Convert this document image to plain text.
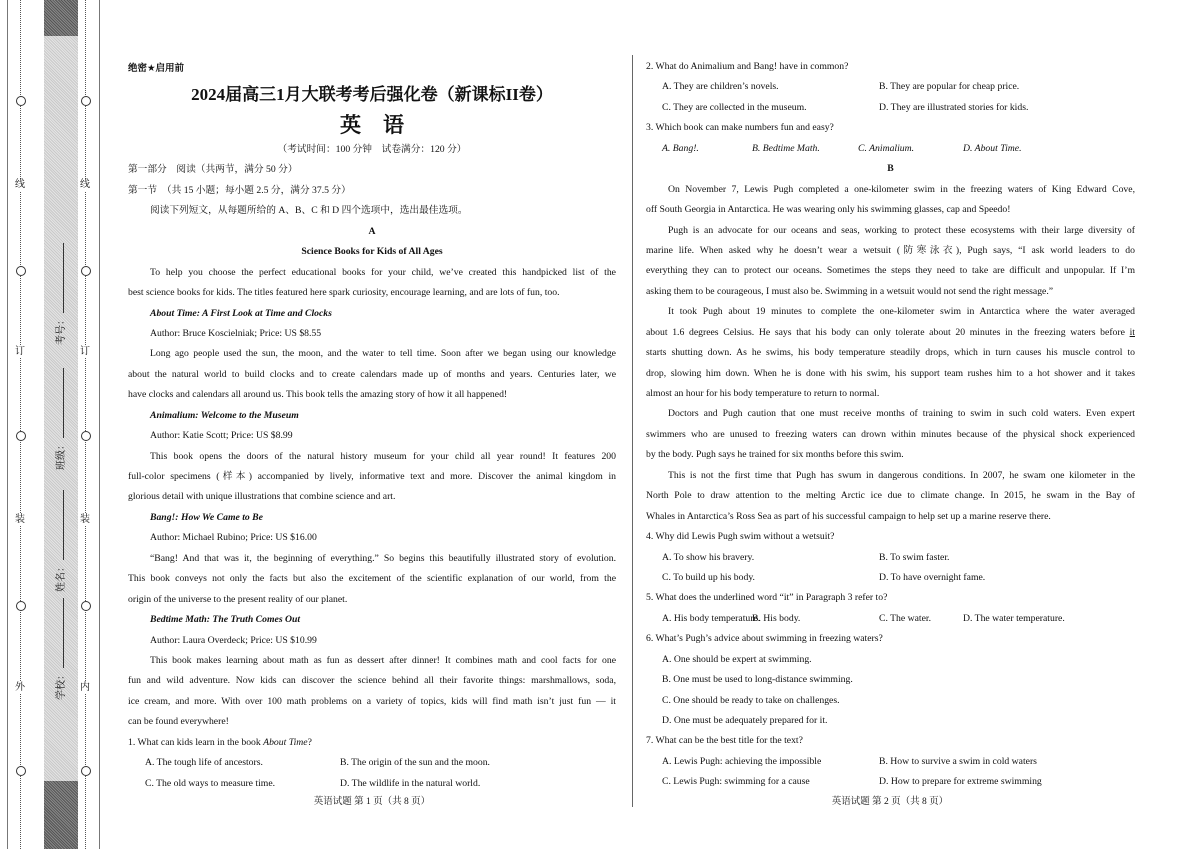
线	线
订	订
装	装
外	内
考号：
班级：
姓名：
学校：
绝密★启用前
2024届高三1月大联考考后强化卷（新课标II卷）
英语
（考试时间：100 分钟　试卷满分：120 分）
第一部分　阅读（共两节，满分 50 分）
第一节　（共 15 小题；每小题 2.5 分，满分 37.5 分）
阅读下列短文，从每题所给的 A、B、C 和 D 四个选项中，选出最佳选项。
A
Science Books for Kids of All Ages
To help you choose the perfect educational books for your child, we’ve created this handpicked list of the
best science books for kids. The titles featured here spark curiosity, encourage learning, and are lots of fun, too.
About Time: A First Look at Time and Clocks
Author: Bruce Koscielniak; Price: US $8.55
Long ago people used the sun, the moon, and the water to tell time. Soon after we began using our knowledge
about the natural world to build clocks and to create calendars made up of months and years. Centuries later, we
have clocks and calendars all around us. This book tells the amazing story of how it all happened!
Animalium: Welcome to the Museum
Author: Katie Scott; Price: US $8.99
This book opens the doors of the natural history museum for your child all year round! It features 200
full-color specimens (样本) accompanied by lively, informative text and more. Discover the animal kingdom in
glorious detail with unique illustrations that combine science and art.
Bang!: How We Came to Be
Author: Michael Rubino; Price: US $16.00
“Bang! And that was it, the beginning of everything.” So begins this beautifully illustrated story of evolution.
This book conveys not only the facts but also the excitement of the scientific explanation of our world, from the
origin of the universe to the present reality of our planet.
Bedtime Math: The Truth Comes Out
Author: Laura Overdeck; Price: US $10.99
This book makes learning about math as fun as dessert after dinner! It combines math and cool facts for one
fun and wild adventure. Now kids can discover the science behind all their favorite things: marshmallows, soda,
ice cream, and more. With over 100 math problems on a variety of topics, kids will find math isn’t just fun — it
can be found everywhere!
1. What can kids learn in the book About Time?
A. The tough life of ancestors.	B. The origin of the sun and the moon.
C. The old ways to measure time.	D. The wildlife in the natural world.
2. What do Animalium and Bang! have in common?
A. They are children’s novels.	B. They are popular for cheap price.
C. They are collected in the museum.	D. They are illustrated stories for kids.
3. Which book can make numbers fun and easy?
A. Bang!.	B. Bedtime Math.	C. Animalium.	D. About Time.
B
On November 7, Lewis Pugh completed a one-kilometer swim in the freezing waters of King Edward Cove,
off South Georgia in Antarctica. He was wearing only his swimming glasses, cap and Speedo!
Pugh is an advocate for our oceans and seas, working to protect these ecosystems with their large diversity of
marine life. When asked why he doesn’t wear a wetsuit (防寒泳衣), Pugh says, “I ask world leaders to do
everything they can to protect our oceans. Sometimes the steps they need to take are difficult and unpopular. If I’m
asking them to be courageous, I must also be. Swimming in a wetsuit would not send the right message.”
It took Pugh about 19 minutes to complete the one-kilometer swim in Antarctica where the water averaged
about 1.6 degrees Celsius. He says that his body can only tolerate about 20 minutes in the freezing waters before it
starts shutting down. As he swims, his body temperature steadily drops, which in turn causes his muscle control to
drop, slowing him down. When he is done with his swim, his support team rushes him to a hot shower and it takes
almost an hour for his body temperature to return to normal.
Doctors and Pugh caution that one must receive months of training to swim in such cold waters. Even expert
swimmers who are unused to freezing waters can drown within minutes because of the physical shock experienced
by the body. Pugh says he trained for six months before this swim.
This is not the first time that Pugh has swum in dangerous conditions. In 2007, he swam one kilometer in the
North Pole to draw attention to the melting Arctic ice due to climate change. In 2015, he swam in the Bay of
Whales in Antarctica’s Ross Sea as part of his successful campaign to help set up a marine reserve there.
4. Why did Lewis Pugh swim without a wetsuit?
A. To show his bravery.	B. To swim faster.
C. To build up his body.	D. To have overnight fame.
5. What does the underlined word “it” in Paragraph 3 refer to?
A. His body temperature.
B. His body.	C. The water.	D. The water temperature.
6. What’s Pugh’s advice about swimming in freezing waters?
A. One should be expert at swimming.
B. One must be used to long-distance swimming.
C. One should be ready to take on challenges.
D. One must be adequately prepared for it.
7. What can be the best title for the text?
A. Lewis Pugh: achieving the impossible	B. How to survive a swim in cold waters
C. Lewis Pugh: swimming for a cause	D. How to prepare for extreme swimming
英语试题 第 1 页（共 8 页）	英语试题 第 2 页（共 8 页）
